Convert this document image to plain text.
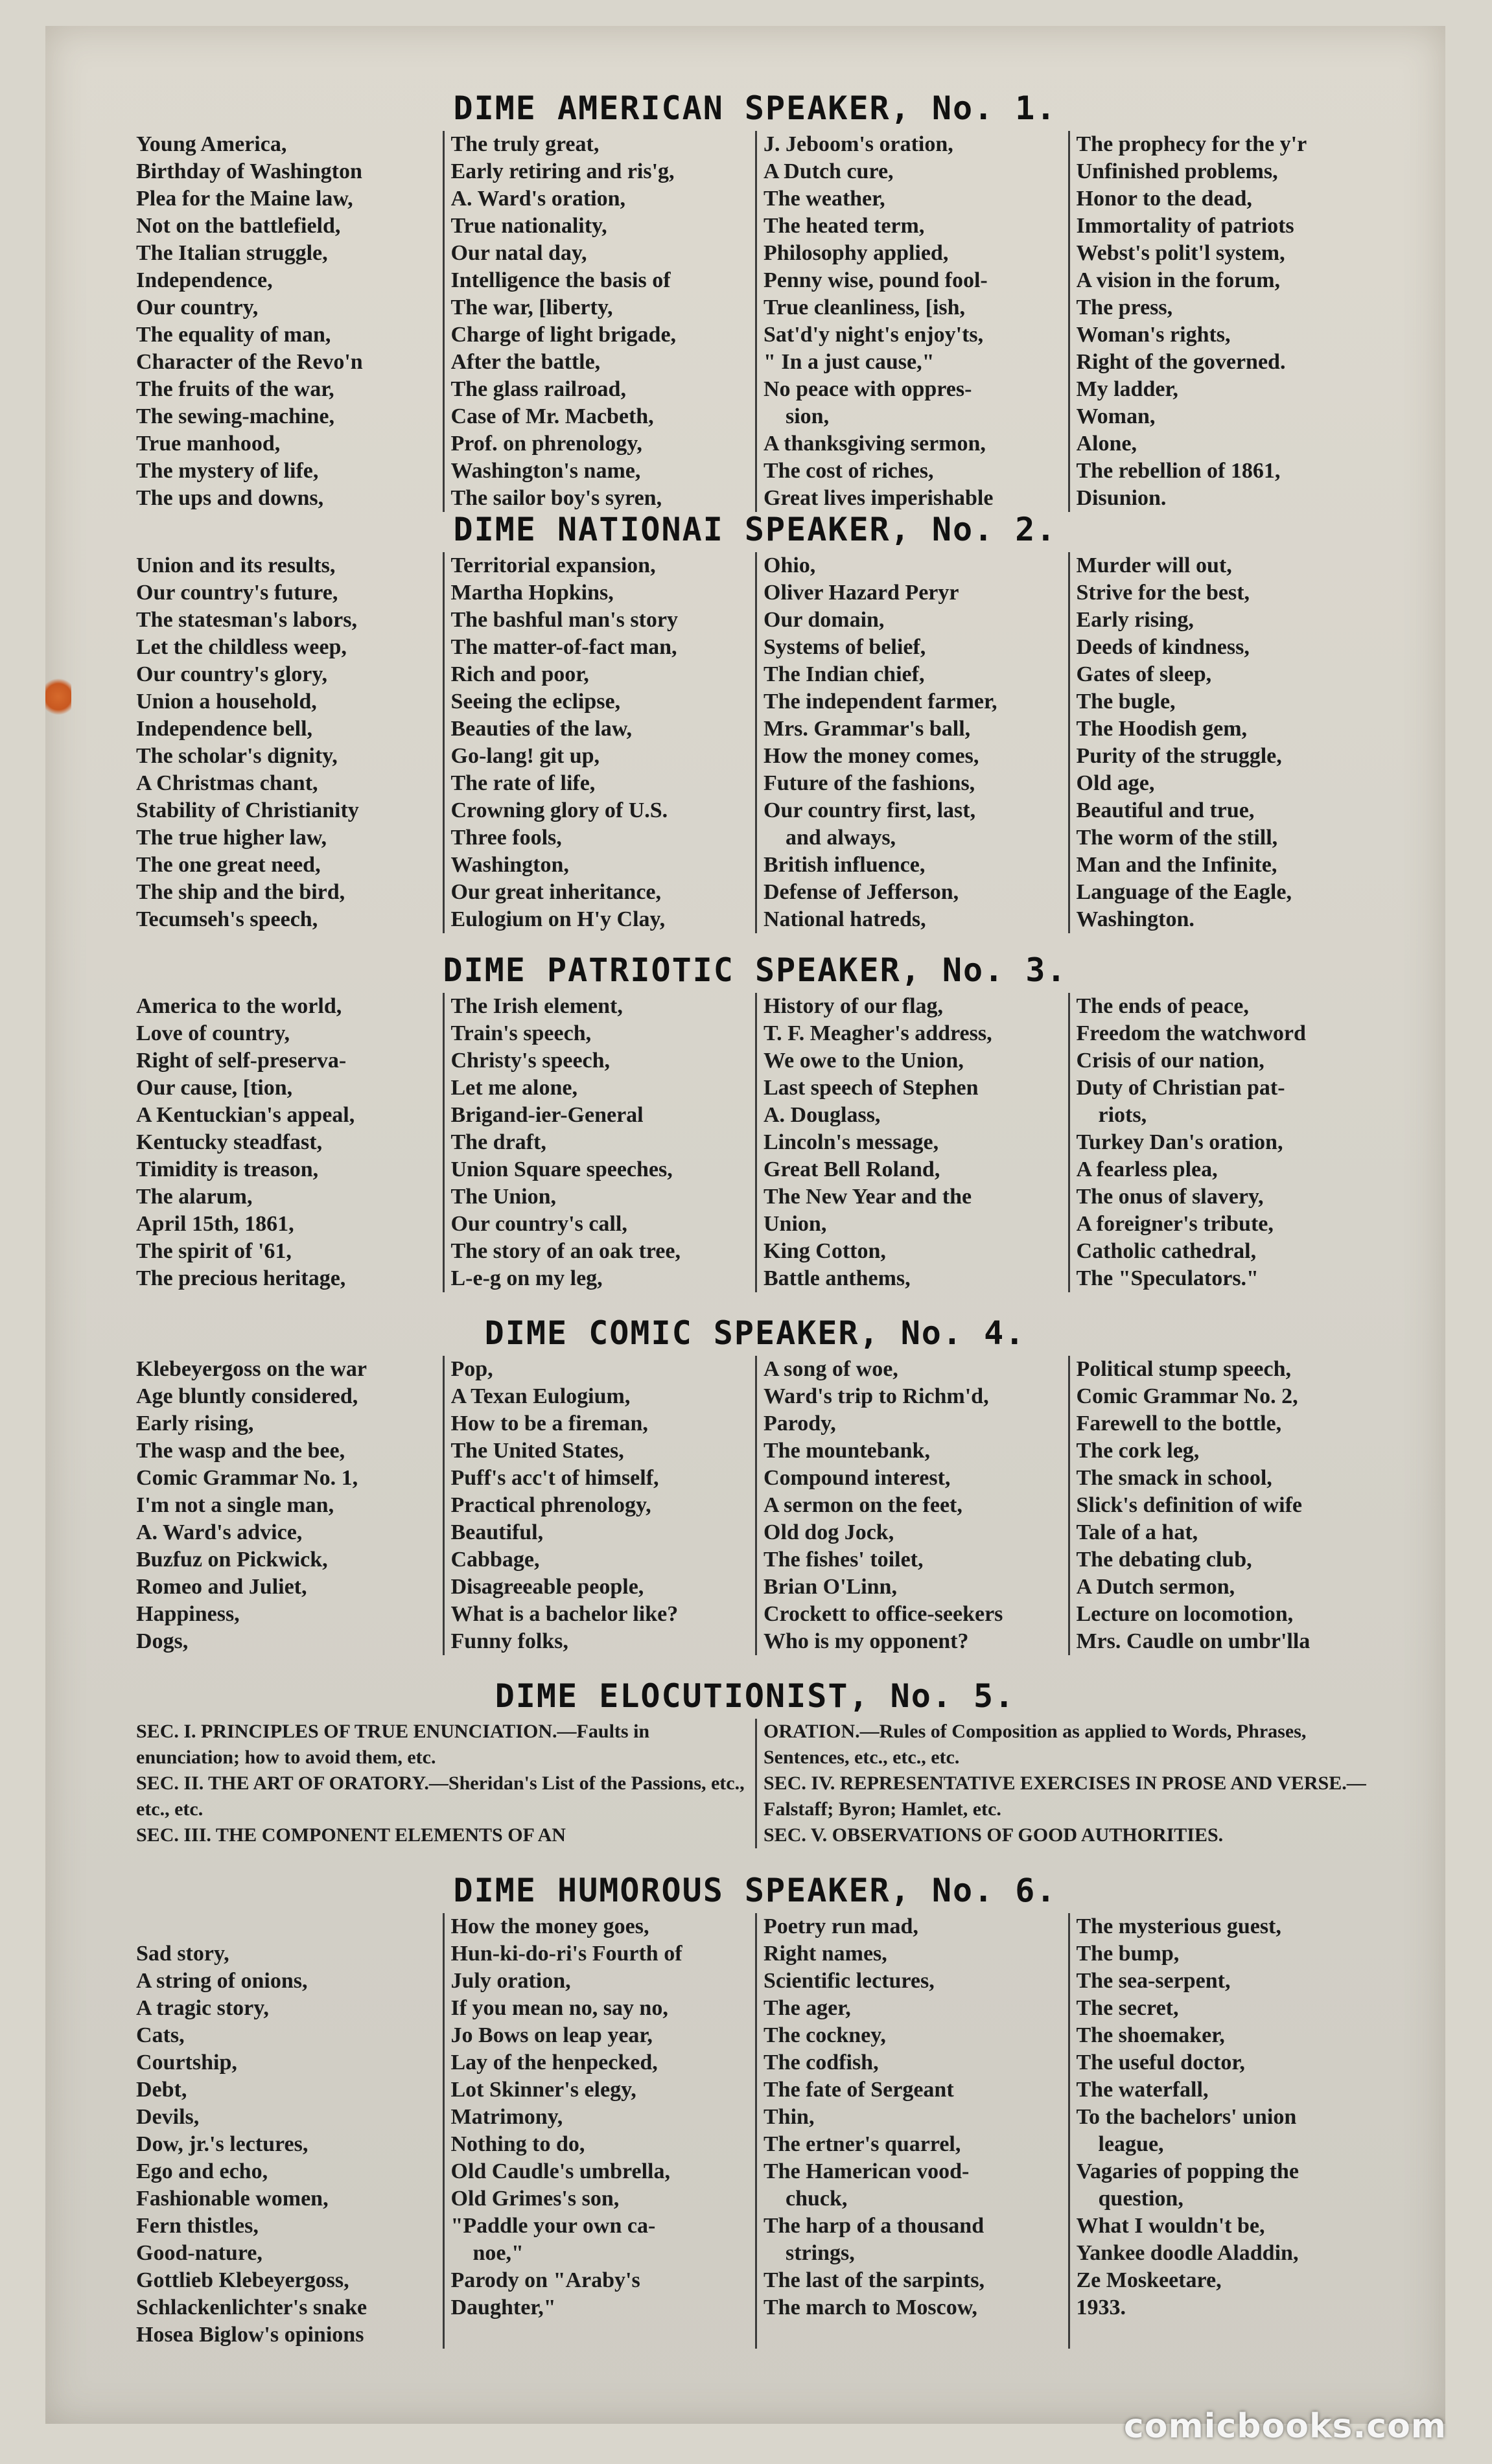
DIME AMERICAN SPEAKER, No. 1.
Young America,
Birthday of Washington
Plea for the Maine law,
Not on the battlefield,
The Italian struggle,
Independence,
Our country,
The equality of man,
Character of the Revo'n
The fruits of the war,
The sewing-machine,
True manhood,
The mystery of life,
The ups and downs,
The truly great,
Early retiring and ris'g,
A. Ward's oration,
True nationality,
Our natal day,
Intelligence the basis of
The war, [liberty,
Charge of light brigade,
After the battle,
The glass railroad,
Case of Mr. Macbeth,
Prof. on phrenology,
Washington's name,
The sailor boy's syren,
J. Jeboom's oration,
A Dutch cure,
The weather,
The heated term,
Philosophy applied,
Penny wise, pound fool-
True cleanliness, [ish,
Sat'd'y night's enjoy'ts,
" In a just cause,"
No peace with oppres-
sion,
A thanksgiving sermon,
The cost of riches,
Great lives imperishable
The prophecy for the y'r
Unfinished problems,
Honor to the dead,
Immortality of patriots
Webst's polit'l system,
A vision in the forum,
The press,
Woman's rights,
Right of the governed.
My ladder,
Woman,
Alone,
The rebellion of 1861,
Disunion.
DIME NATIONAI SPEAKER, No. 2.
Union and its results,
Our country's future,
The statesman's labors,
Let the childless weep,
Our country's glory,
Union a household,
Independence bell,
The scholar's dignity,
A Christmas chant,
Stability of Christianity
The true higher law,
The one great need,
The ship and the bird,
Tecumseh's speech,
Territorial expansion,
Martha Hopkins,
The bashful man's story
The matter-of-fact man,
Rich and poor,
Seeing the eclipse,
Beauties of the law,
Go-lang! git up,
The rate of life,
Crowning glory of U.S.
Three fools,
Washington,
Our great inheritance,
Eulogium on H'y Clay,
Ohio,
Oliver Hazard Peryr
Our domain,
Systems of belief,
The Indian chief,
The independent farmer,
Mrs. Grammar's ball,
How the money comes,
Future of the fashions,
Our country first, last,
and always,
British influence,
Defense of Jefferson,
National hatreds,
Murder will out,
Strive for the best,
Early rising,
Deeds of kindness,
Gates of sleep,
The bugle,
The Hoodish gem,
Purity of the struggle,
Old age,
Beautiful and true,
The worm of the still,
Man and the Infinite,
Language of the Eagle,
Washington.
DIME PATRIOTIC SPEAKER, No. 3.
America to the world,
Love of country,
Right of self-preserva-
Our cause, [tion,
A Kentuckian's appeal,
Kentucky steadfast,
Timidity is treason,
The alarum,
April 15th, 1861,
The spirit of '61,
The precious heritage,
The Irish element,
Train's speech,
Christy's speech,
Let me alone,
Brigand-ier-General
The draft,
Union Square speeches,
The Union,
Our country's call,
The story of an oak tree,
L-e-g on my leg,
History of our flag,
T. F. Meagher's address,
We owe to the Union,
Last speech of Stephen
A. Douglass,
Lincoln's message,
Great Bell Roland,
The New Year and the
Union,
King Cotton,
Battle anthems,
The ends of peace,
Freedom the watchword
Crisis of our nation,
Duty of Christian pat-
riots,
Turkey Dan's oration,
A fearless plea,
The onus of slavery,
A foreigner's tribute,
Catholic cathedral,
The "Speculators."
DIME COMIC SPEAKER, No. 4.
Klebeyergoss on the war
Age bluntly considered,
Early rising,
The wasp and the bee,
Comic Grammar No. 1,
I'm not a single man,
A. Ward's advice,
Buzfuz on Pickwick,
Romeo and Juliet,
Happiness,
Dogs,
Pop,
A Texan Eulogium,
How to be a fireman,
The United States,
Puff's acc't of himself,
Practical phrenology,
Beautiful,
Cabbage,
Disagreeable people,
What is a bachelor like?
Funny folks,
A song of woe,
Ward's trip to Richm'd,
Parody,
The mountebank,
Compound interest,
A sermon on the feet,
Old dog Jock,
The fishes' toilet,
Brian O'Linn,
Crockett to office-seekers
Who is my opponent?
Political stump speech,
Comic Grammar No. 2,
Farewell to the bottle,
The cork leg,
The smack in school,
Slick's definition of wife
Tale of a hat,
The debating club,
A Dutch sermon,
Lecture on locomotion,
Mrs. Caudle on umbr'lla
DIME ELOCUTIONIST, No. 5.
SEC. I. PRINCIPLES OF TRUE ENUNCIATION.—Faults in enunciation; how to avoid them, etc.
SEC. II. THE ART OF ORATORY.—Sheridan's List of the Passions, etc., etc., etc.
SEC. III. THE COMPONENT ELEMENTS OF AN
ORATION.—Rules of Composition as applied to Words, Phrases, Sentences, etc., etc., etc.
SEC. IV. REPRESENTATIVE EXERCISES IN PROSE AND VERSE.—Falstaff; Byron; Hamlet, etc.
SEC. V. OBSERVATIONS OF GOOD AUTHORITIES.
DIME HUMOROUS SPEAKER, No. 6.

Sad story,
A string of onions,
A tragic story,
Cats,
Courtship,
Debt,
Devils,
Dow, jr.'s lectures,
Ego and echo,
Fashionable women,
Fern thistles,
Good-nature,
Gottlieb Klebeyergoss,
Schlackenlichter's snake
Hosea Biglow's opinions
How the money goes,
Hun-ki-do-ri's Fourth of
July oration,
If you mean no, say no,
Jo Bows on leap year,
Lay of the henpecked,
Lot Skinner's elegy,
Matrimony,
Nothing to do,
Old Caudle's umbrella,
Old Grimes's son,
"Paddle your own ca-
noe,"
Parody on "Araby's
Daughter,"
Poetry run mad,
Right names,
Scientific lectures,
The ager,
The cockney,
The codfish,
The fate of Sergeant
Thin,
The ertner's quarrel,
The Hamerican vood-
chuck,
The harp of a thousand
strings,
The last of the sarpints,
The march to Moscow,
The mysterious guest,
The bump,
The sea-serpent,
The secret,
The shoemaker,
The useful doctor,
The waterfall,
To the bachelors' union
league,
Vagaries of popping the
question,
What I wouldn't be,
Yankee doodle Aladdin,
Ze Moskeetare,
1933.
comicbooks.com
